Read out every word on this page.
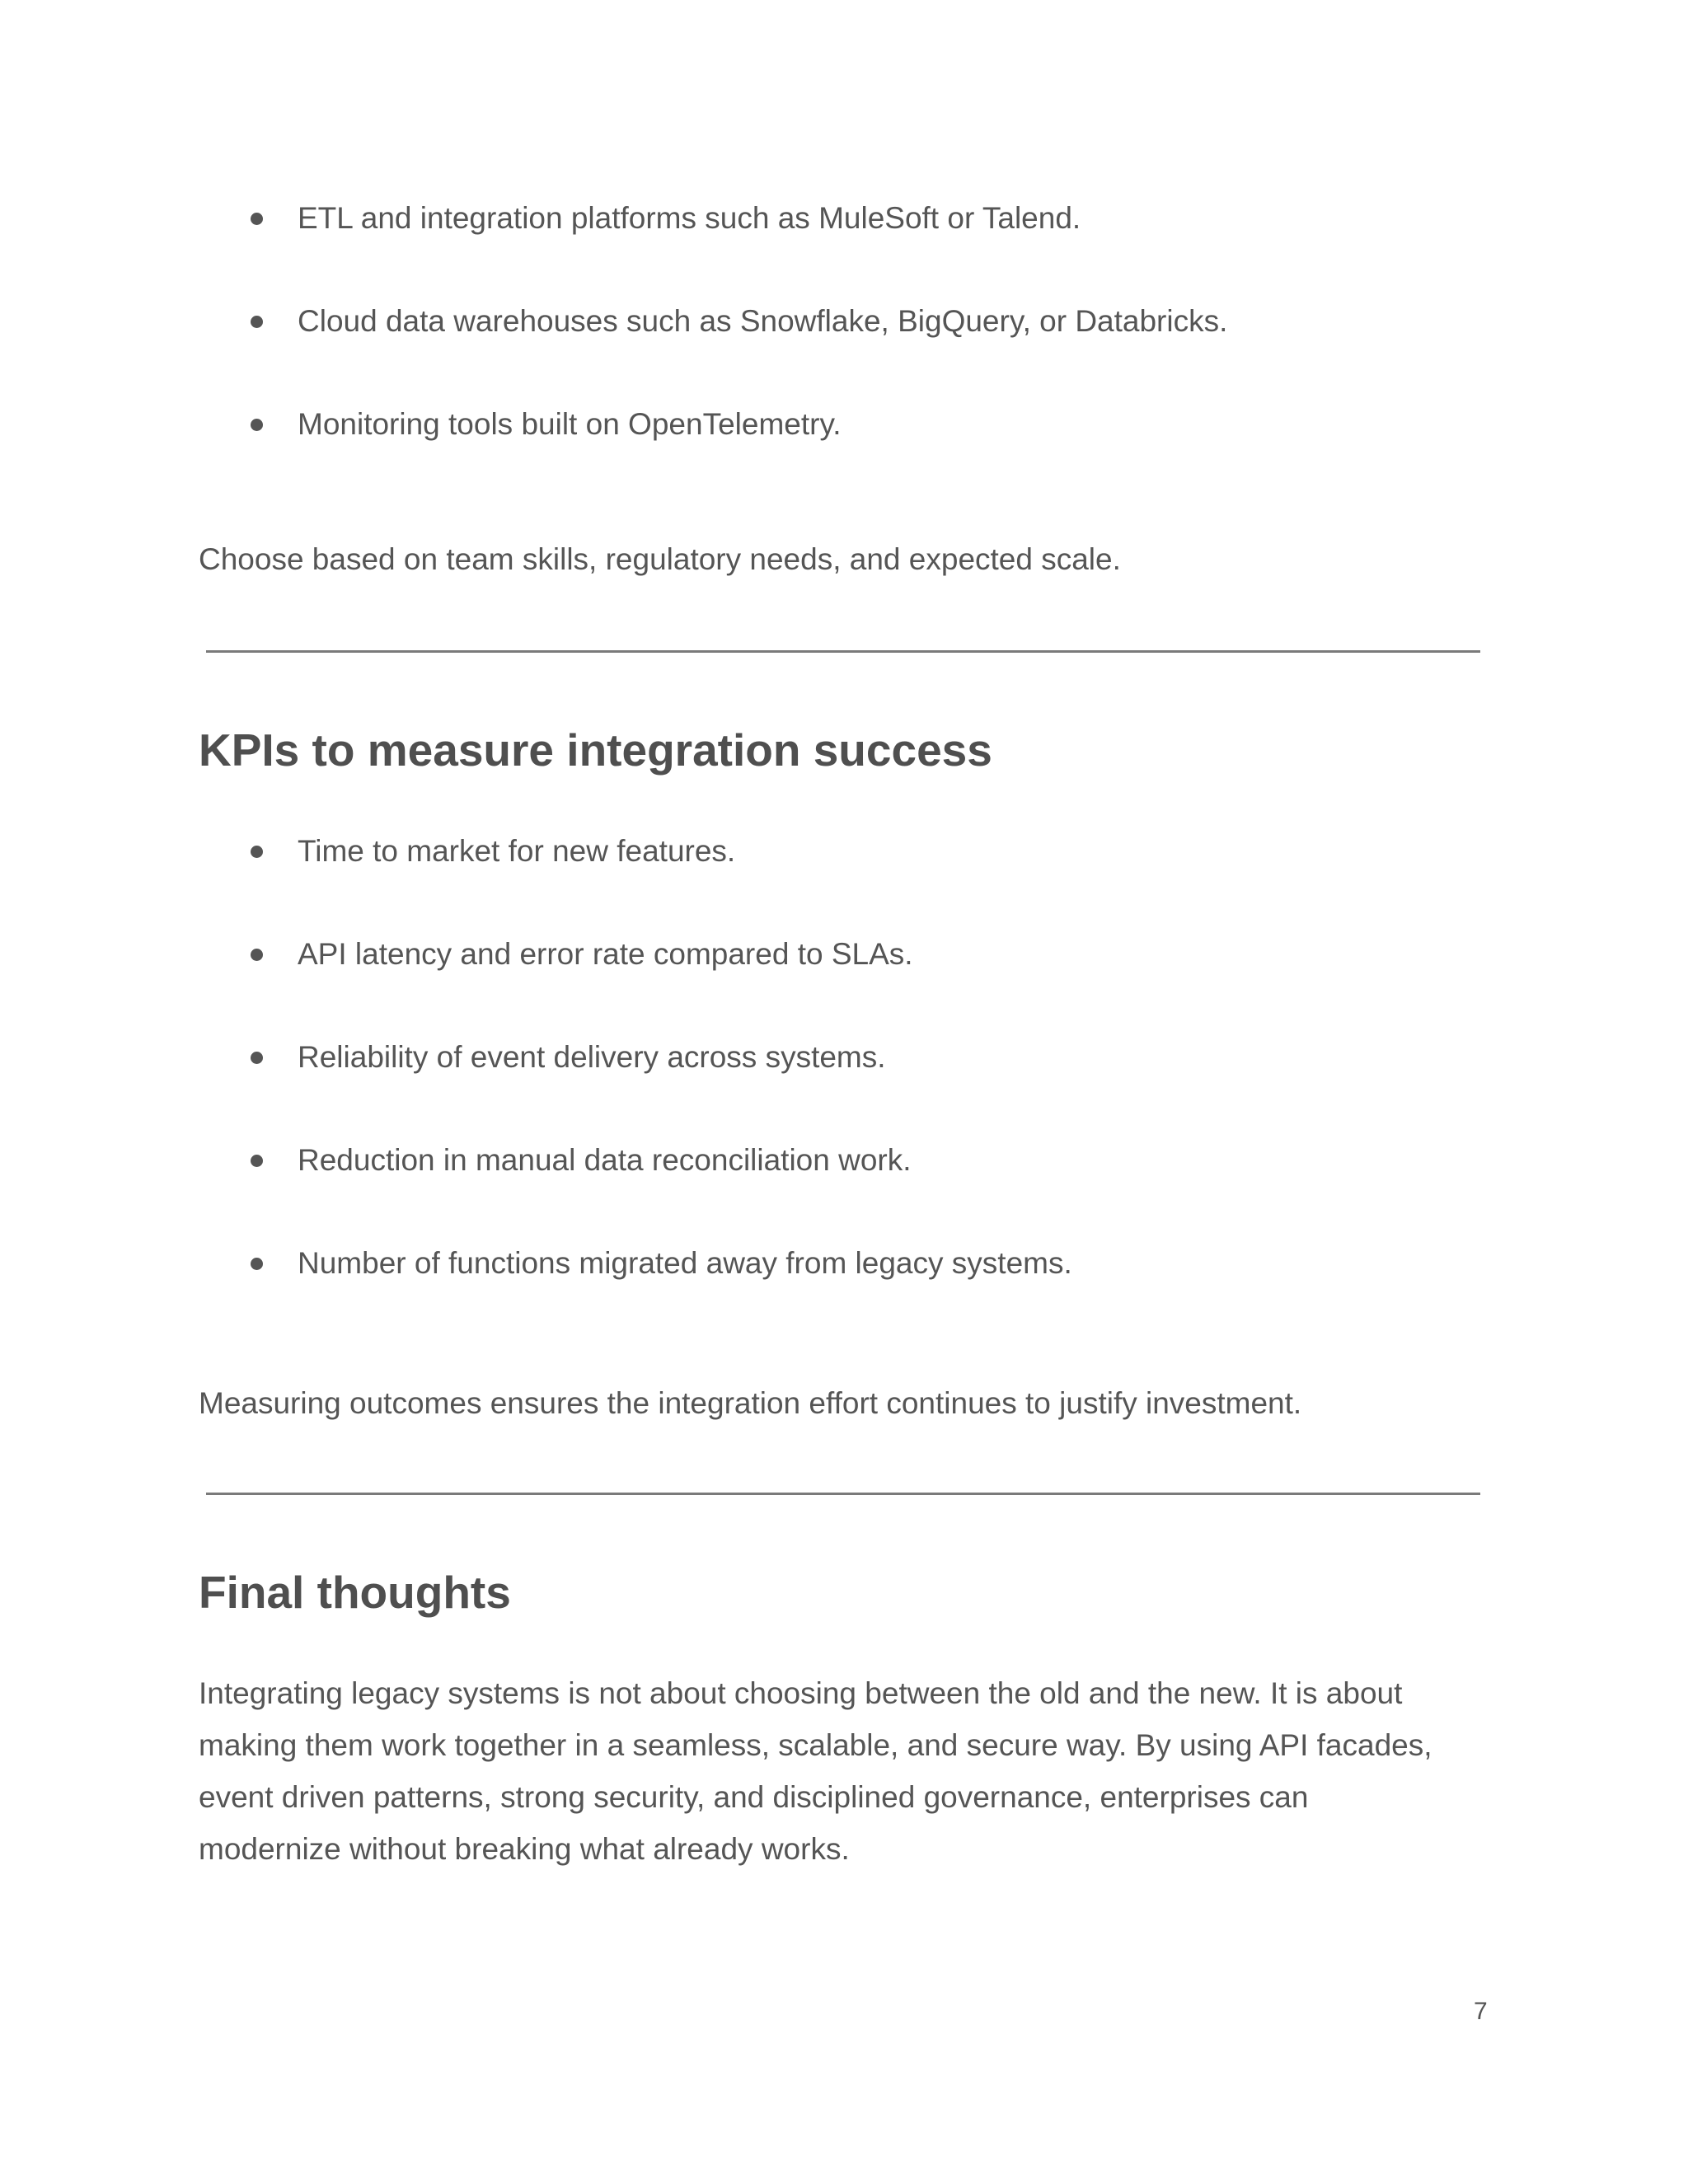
ETL and integration platforms such as MuleSoft or Talend.
Cloud data warehouses such as Snowflake, BigQuery, or Databricks.
Monitoring tools built on OpenTelemetry.

Choose based on team skills, regulatory needs, and expected scale.

KPIs to measure integration success
Time to market for new features.
API latency and error rate compared to SLAs.
Reliability of event delivery across systems.
Reduction in manual data reconciliation work.
Number of functions migrated away from legacy systems.

Measuring outcomes ensures the integration effort continues to justify investment.

Final thoughts

Integrating legacy systems is not about choosing between the old and the new. It is about

making them work together in a seamless, scalable, and secure way. By using API facades,

event driven patterns, strong security, and disciplined governance, enterprises can

modernize without breaking what already works.

7
